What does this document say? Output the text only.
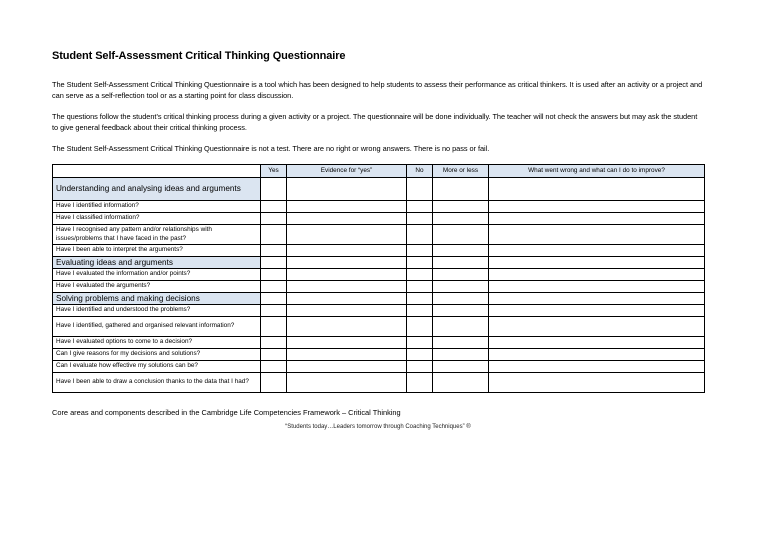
Student Self-Assessment Critical Thinking Questionnaire

The Student Self-Assessment Critical Thinking Questionnaire is a tool which has been designed to help students to assess their performance as critical thinkers. It is used after an activity or a project and can serve as a self-reflection tool or as a starting point for class discussion.

The questions follow the student’s critical thinking process during a given activity or a project. The questionnaire will be done individually. The teacher will not check the answers but may ask the student to give general feedback about their critical thinking process.

The Student Self-Assessment Critical Thinking Questionnaire is not a test. There are no right or wrong answers. There is no pass or fail.

	Yes	Evidence for “yes”	No	More or less	What went wrong and what can I do to improve?
Understanding and analysing ideas and arguments					
Have I identified information?					
Have I classified information?					
Have I recognised any pattern and/or relationships with issues/problems that I have faced in the past?					
Have I been able to interpret the arguments?					
Evaluating ideas and arguments					
Have I evaluated the information and/or points?					
Have I evaluated the arguments?					
Solving problems and making decisions					
Have I identified and understood the problems?					
Have I identified, gathered and organised relevant information?					
Have I evaluated options to come to a decision?					
Can I give reasons for my decisions and solutions?					
Can I evaluate how effective my solutions can be?					
Have I been able to draw a conclusion thanks to the data that I had?					
Core areas and components described in the Cambridge Life Competencies Framework – Critical Thinking
“Students today…Leaders tomorrow through Coaching Techniques” ®
